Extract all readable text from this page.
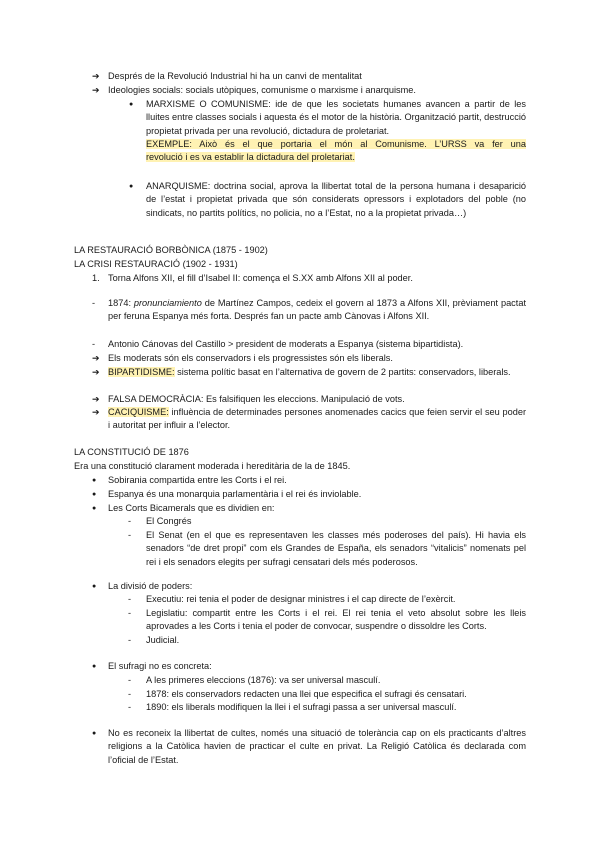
➔ Després de la Revolució Industrial hi ha un canvi de mentalitat
➔ Ideologies socials: socials utòpiques, comunisme o marxisme i anarquisme.
● MARXISME O COMUNISME: ide de que les societats humanes avancen a partir de les lluites entre classes socials i aquesta és el motor de la història. Organització partit, destrucció propietat privada per una revolució, dictadura de proletariat.
EXEMPLE: Això és el que portaria el món al Comunisme. L’URSS va fer una
revolució i es va establir la dictadura del proletariat.
● ANARQUISME: doctrina social, aprova la llibertat total de la persona humana i desaparició de l’estat i propietat privada que són considerats opressors i explotadors del poble (no sindicats, no partits polítics, no policia, no a l’Estat, no a la propietat privada…)
LA RESTAURACIÓ BORBÒNICA (1875 - 1902)
LA CRISI RESTAURACIÓ (1902 - 1931)
1. Torna Alfons XII, el fill d’Isabel II: comença el S.XX amb Alfons XII al poder.
- 1874: pronunciamiento de Martínez Campos, cedeix el govern al 1873 a Alfons XII, prèviament pactat per feruna Espanya més forta. Després fan un pacte amb Cànovas i Alfons XII.
- Antonio Cánovas del Castillo > president de moderats a Espanya (sistema bipartidista).
➔ Els moderats són els conservadors i els progressistes són els liberals.
➔ BIPARTIDISME: sistema polític basat en l’alternativa de govern de 2 partits: conservadors, liberals.
➔ FALSA DEMOCRÀCIA: Es falsifiquen les eleccions. Manipulació de vots.
➔ CACIQUISME: influència de determinades persones anomenades cacics que feien servir el seu poder i autoritat per influir a l’elector.
LA CONSTITUCIÓ DE 1876
Era una constitució clarament moderada i hereditària de la de 1845.
● Sobirania compartida entre les Corts i el rei.
● Espanya és una monarquia parlamentària i el rei és inviolable.
● Les Corts Bicamerals que es dividien en:
- El Congrés
- El Senat (en el que es representaven les classes més poderoses del país). Hi havia els senadors “de dret propi” com els Grandes de España, els senadors “vitalicis” nomenats pel rei i els senadors elegits per sufragi censatari dels més poderosos.
● La divisió de poders:
- Executiu: rei tenia el poder de designar ministres i el cap directe de l’exèrcit.
- Legislatiu: compartit entre les Corts i el rei. El rei tenia el veto absolut sobre les lleis aprovades a les Corts i tenia el poder de convocar, suspendre o dissoldre les Corts.
- Judicial.
● El sufragi no es concreta:
- A les primeres eleccions (1876): va ser universal masculí.
- 1878: els conservadors redacten una llei que especifica el sufragi és censatari.
- 1890: els liberals modifiquen la llei i el sufragi passa a ser universal masculí.
● No es reconeix la llibertat de cultes, només una situació de tolerància cap on els practicants d’altres religions a la Catòlica havien de practicar el culte en privat. La Religió Catòlica és declarada com l’oficial de l’Estat.
